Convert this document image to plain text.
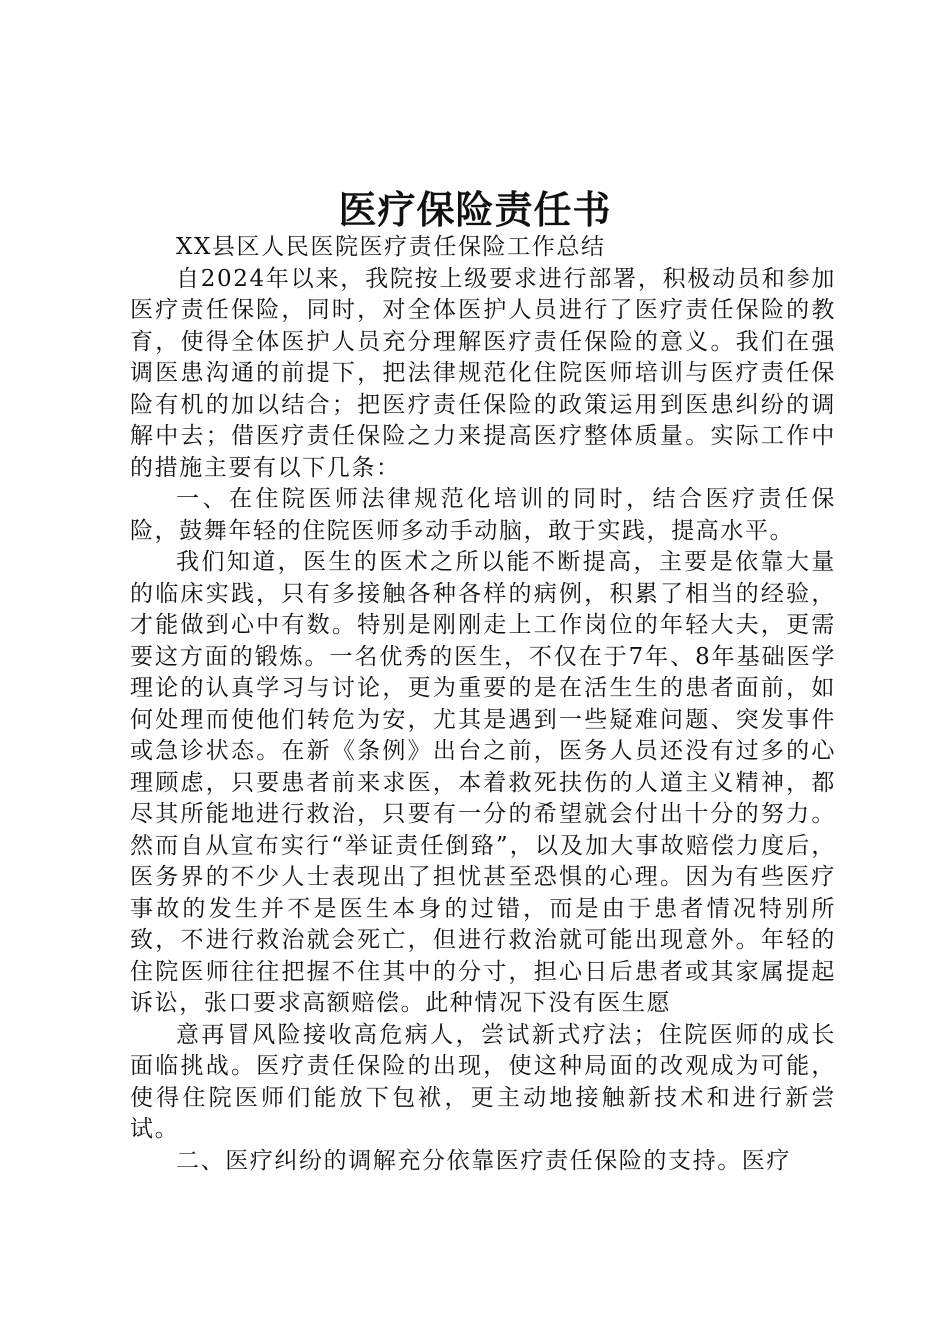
医疗保险责任书

XX县区人民医院医疗责任保险工作总结

自2024年以来，我院按上级要求进行部署，积极动员和参加医疗责任保险，同时，对全体医护人员进行了医疗责任保险的教育，使得全体医护人员充分理解医疗责任保险的意义。我们在强调医患沟通的前提下，把法律规范化住院医师培训与医疗责任保险有机的加以结合；把医疗责任保险的政策运用到医患纠纷的调解中去；借医疗责任保险之力来提高医疗整体质量。实际工作中的措施主要有以下几条：

一、在住院医师法律规范化培训的同时，结合医疗责任保险，鼓舞年轻的住院医师多动手动脑，敢于实践，提高水平。

我们知道，医生的医术之所以能不断提高，主要是依靠大量的临床实践，只有多接触各种各样的病例，积累了相当的经验，才能做到心中有数。特别是刚刚走上工作岗位的年轻大夫，更需要这方面的锻炼。一名优秀的医生，不仅在于7年、8年基础医学理论的认真学习与讨论，更为重要的是在活生生的患者面前，如何处理而使他们转危为安，尤其是遇到一些疑难问题、突发事件或急诊状态。在新《条例》出台之前，医务人员还没有过多的心理顾虑，只要患者前来求医，本着救死扶伤的人道主义精神，都尽其所能地进行救治，只要有一分的希望就会付出十分的努力。然而自从宣布实行“举证责任倒臵”，以及加大事故赔偿力度后，医务界的不少人士表现出了担忧甚至恐惧的心理。因为有些医疗事故的发生并不是医生本身的过错，而是由于患者情况特别所致，不进行救治就会死亡，但进行救治就可能出现意外。年轻的住院医师往往把握不住其中的分寸，担心日后患者或其家属提起诉讼，张口要求高额赔偿。此种情况下没有医生愿

意再冒风险接收高危病人，尝试新式疗法；住院医师的成长面临挑战。医疗责任保险的出现，使这种局面的改观成为可能，使得住院医师们能放下包袱，更主动地接触新技术和进行新尝试。

二、医疗纠纷的调解充分依靠医疗责任保险的支持。医疗
